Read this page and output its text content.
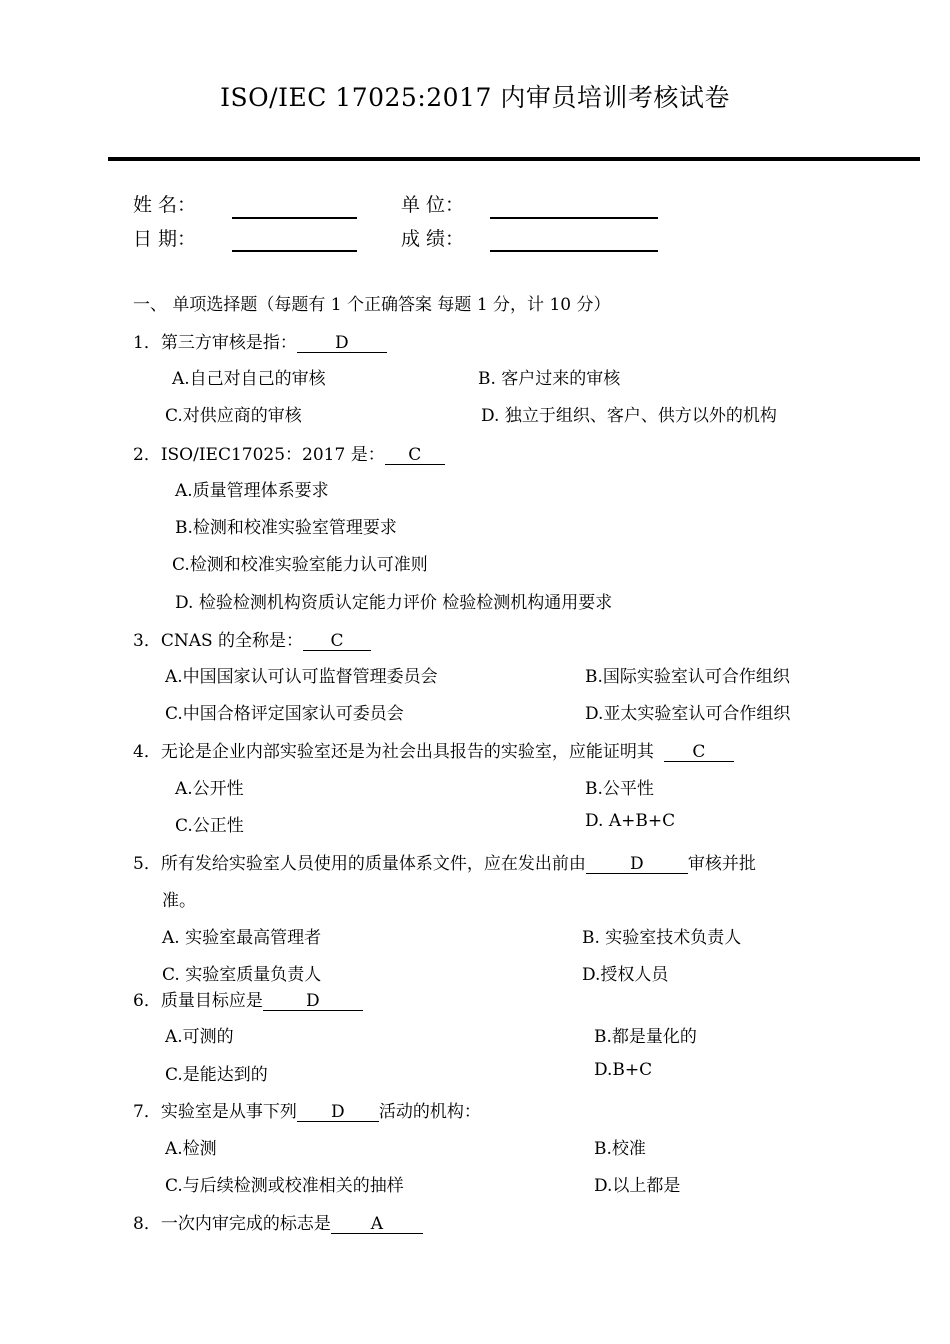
ISO/IEC 17025:2017 内审员培训考核试卷
姓 名：	单 位：
日 期：	成 绩：
一、 单项选择题（每题有 1 个正确答案 每题 1 分，计 10 分）
1．第三方审核是指： D
A.自己对自己的审核	B. 客户过来的审核
C.对供应商的审核	D. 独立于组织、客户、供方以外的机构
2．ISO/IEC17025：2017 是： C
A.质量管理体系要求
B.检测和校准实验室管理要求
C.检测和校准实验室能力认可准则
D. 检验检测机构资质认定能力评价 检验检测机构通用要求
3．CNAS 的全称是： C
A.中国国家认可认可监督管理委员会	B.国际实验室认可合作组织
C.中国合格评定国家认可委员会	D.亚太实验室认可合作组织
4．无论是企业内部实验室还是为社会出具报告的实验室，应能证明其 C
A.公开性	B.公平性
C.公正性	D. A+B+C
5．所有发给实验室人员使用的质量体系文件，应在发出前由	D	审核并批
准。
A. 实验室最高管理者	B. 实验室技术负责人
C. 实验室质量负责人	D.授权人员
6．质量目标应是	D
A.可测的	B.都是量化的
C.是能达到的	D.B+C
7．实验室是从事下列 D 活动的机构：
A.检测	B.校准
C.与后续检测或校准相关的抽样	D.以上都是
8．一次内审完成的标志是 A
